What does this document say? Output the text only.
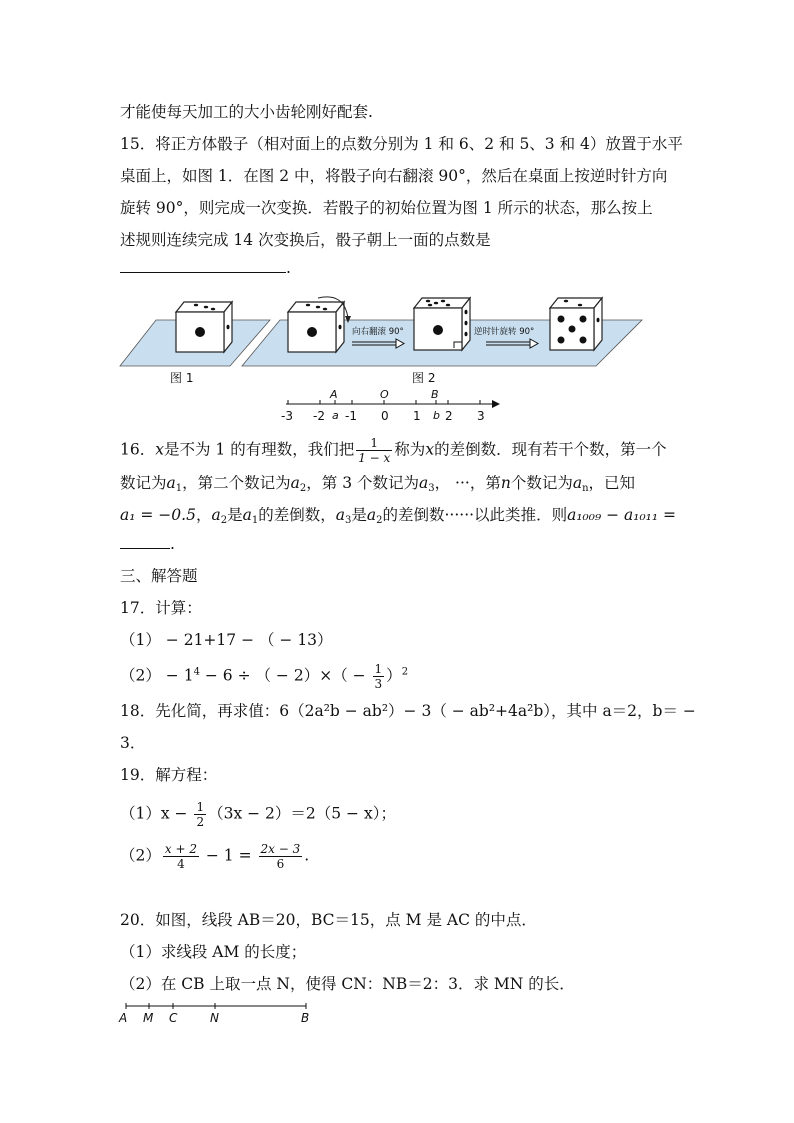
才能使每天加工的大小齿轮刚好配套.
15．将正方体骰子（相对面上的点数分别为 1 和 6、2 和 5、3 和 4）放置于水平
桌面上，如图 1．在图 2 中，将骰子向右翻滚 90°，然后在桌面上按逆时针方向
旋转 90°，则完成一次变换．若骰子的初始位置为图 1 所示的状态，那么按上
述规则连续完成 14 次变换后，骰子朝上一面的点数是
.
向右翻滚 90°	逆时针旋转 90°
图 1	图 2
-3 -2 -1 0 1 2 3
A	O	B
a	b
16．x是不为 1 的有理数，我们把 $\frac{1}{1 - x}$ 称为x的差倒数．现有若干个数，第一个
数记为$a_1$，第二个数记为$a_2$，第 3 个数记为$a_3$， ···，第n个数记为$a_n$，已知
a₁ = −0.5，$a_2$是$a_1$的差倒数，$a_3$是$a_2$的差倒数······以此类推．则a₁₀₀₉ − a₁₀₁₁ =
.
三、解答题
17．计算：
（1） − 21+17 − （ − 13）
$(2) - 1^4 - 6$ ÷ （ − $2)\times( - \frac{1}{3} )^2$
18．先化简，再求值：6（2a²b − ab²）− 3（ − ab²+4a²b），其中 a＝2，b＝ −
3．
19．解方程：
$(1)x - \frac{1}{2} (3x - 2)=2(5 - x)$；
$(2) \frac{x + 2}{4} - 1 = \frac{2x - 3}{6}$ .
20．如图，线段 AB＝20，BC＝15，点 M 是 AC 的中点．
（1）求线段 AM 的长度；
（2）在 CB 上取一点 N，使得 CN：NB＝2：3．求 MN 的长．
A M C	N	B
